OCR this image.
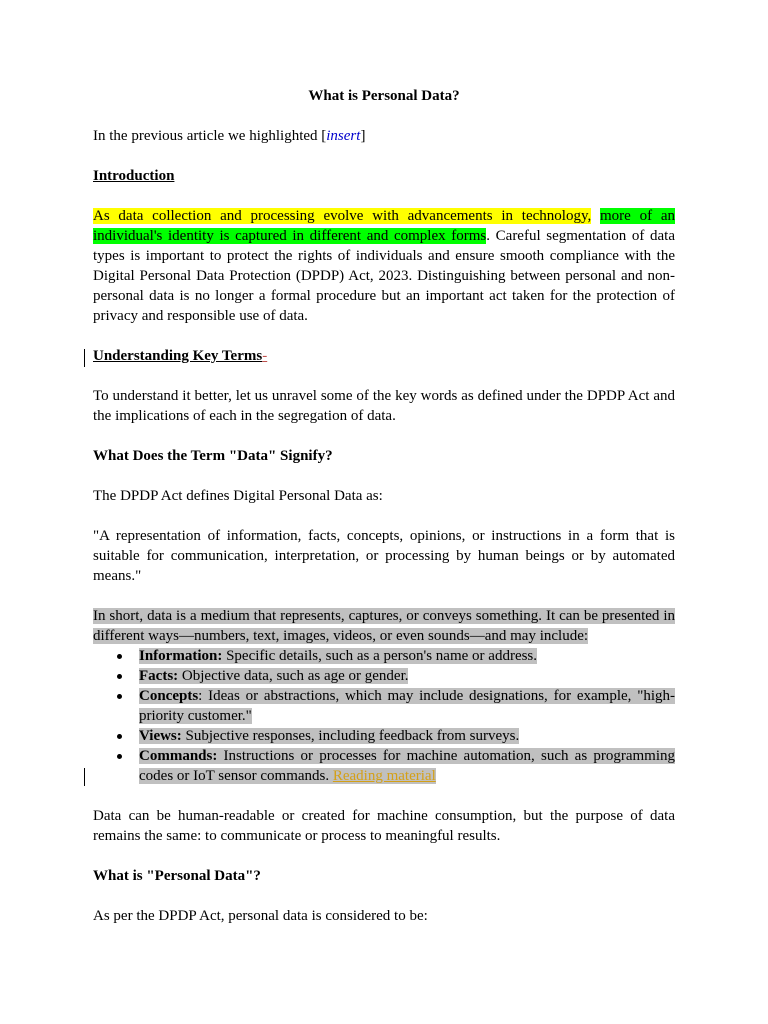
What is Personal Data?

In the previous article we highlighted [insert]

Introduction

As data collection and processing evolve with advancements in technology, more of an individual's identity is captured in different and complex forms. Careful segmentation of data types is important to protect the rights of individuals and ensure smooth compliance with the Digital Personal Data Protection (DPDP) Act, 2023. Distinguishing between personal and non-personal data is no longer a formal procedure but an important act taken for the protection of privacy and responsible use of data.

Understanding Key Terms-

To understand it better, let us unravel some of the key words as defined under the DPDP Act and the implications of each in the segregation of data.

What Does the Term "Data" Signify?

The DPDP Act defines Digital Personal Data as:

"A representation of information, facts, concepts, opinions, or instructions in a form that is suitable for communication, interpretation, or processing by human beings or by automated means."

In short, data is a medium that represents, captures, or conveys something. It can be presented in different ways—numbers, text, images, videos, or even sounds—and may include:

Information: Specific details, such as a person's name or address.
Facts: Objective data, such as age or gender.
Concepts: Ideas or abstractions, which may include designations, for example, "high-priority customer."
Views: Subjective responses, including feedback from surveys.
Commands: Instructions or processes for machine automation, such as programming codes or IoT sensor commands. Reading material

Data can be human-readable or created for machine consumption, but the purpose of data remains the same: to communicate or process to meaningful results.

What is "Personal Data"?

As per the DPDP Act, personal data is considered to be:
